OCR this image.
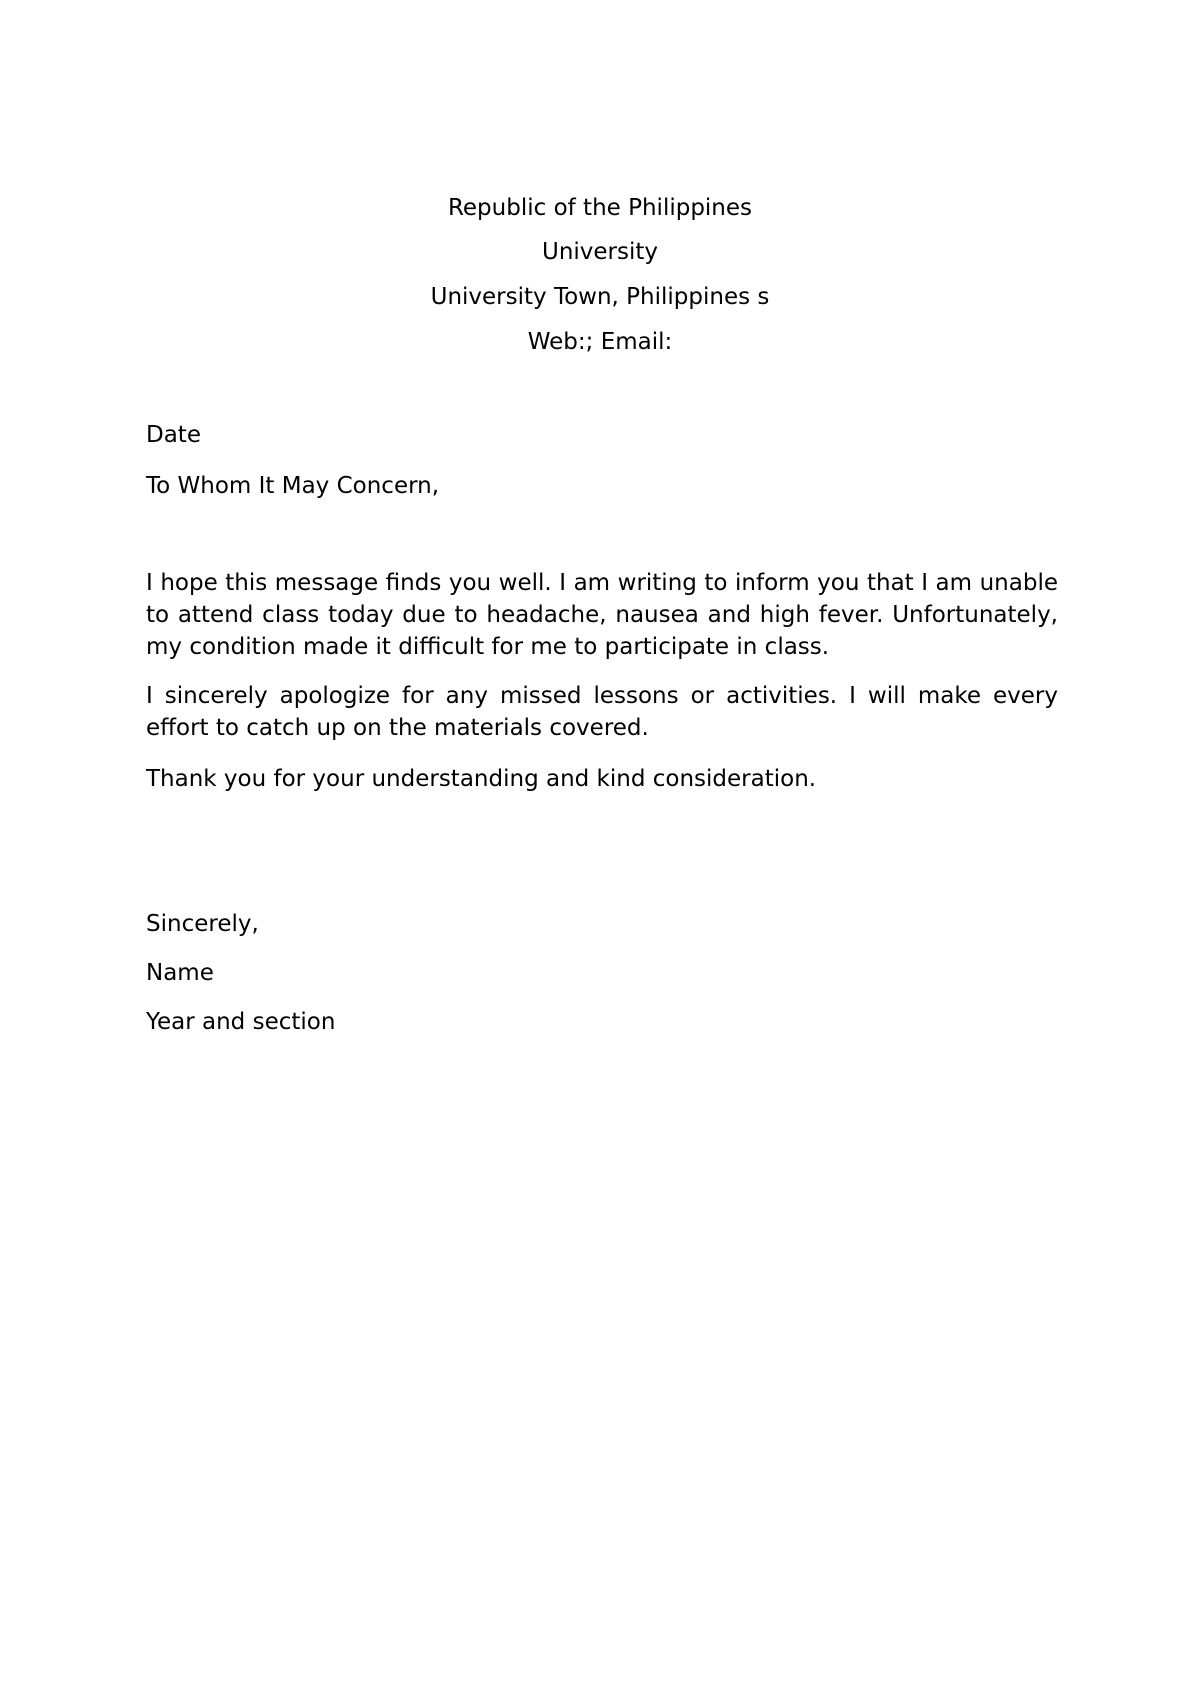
Republic of the Philippines
University
University Town, Philippines s
Web:; Email:
Date
To Whom It May Concern,
I hope this message finds you well. I am writing to inform you that I am unable to attend class today due to headache, nausea and high fever. Unfortunately, my condition made it difficult for me to participate in class.
I sincerely apologize for any missed lessons or activities. I will make every effort to catch up on the materials covered.
Thank you for your understanding and kind consideration.
Sincerely,
Name
Year and section
